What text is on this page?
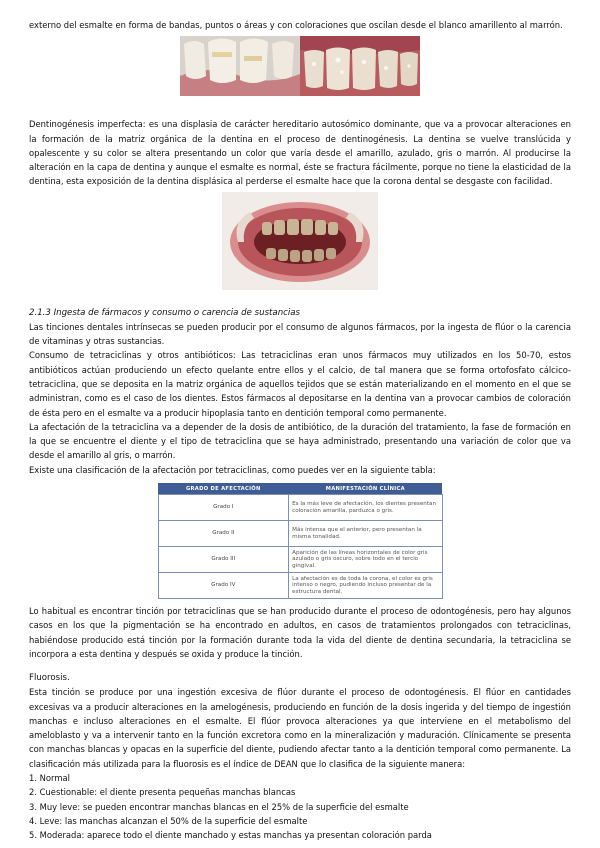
externo del esmalte en forma de bandas, puntos o áreas y con coloraciones que oscilan desde el blanco amarillento al marrón.

Dentinogénesis imperfecta: es una displasia de carácter hereditario autosómico dominante, que va a provocar alteraciones en la formación de la matriz orgánica de la dentina en el proceso de dentinogénesis. La dentina se vuelve translúcida y opalescente y su color se altera presentando un color que varía desde el amarillo, azulado, gris o marrón. Al producirse la alteración en la capa de dentina y aunque el esmalte es normal, éste se fractura fácilmente, porque no tiene la elasticidad de la dentina, esta exposición de la dentina displásica al perderse el esmalte hace que la corona dental se desgaste con facilidad.

2.1.3 Ingesta de fármacos y consumo o carencia de sustancias

Las tinciones dentales intrínsecas se pueden producir por el consumo de algunos fármacos, por la ingesta de flúor o la carencia de vitaminas y otras sustancias.

Consumo de tetraciclinas y otros antibióticos: Las tetraciclinas eran unos fármacos muy utilizados en los 50-70, estos antibióticos actúan produciendo un efecto quelante entre ellos y el calcio, de tal manera que se forma ortofosfato cálcico-tetraciclina, que se deposita en la matriz orgánica de aquellos tejidos que se están materializando en el momento en el que se administran, como es el caso de los dientes. Estos fármacos al depositarse en la dentina van a provocar cambios de coloración de ésta pero en el esmalte va a producir hipoplasia tanto en dentición temporal como permanente.

La afectación de la tetraciclina va a depender de la dosis de antibiótico, de la duración del tratamiento, la fase de formación en la que se encuentre el diente y el tipo de tetraciclina que se haya administrado, presentando una variación de color que va desde el amarillo al gris, o marrón.

Existe una clasificación de la afectación por tetraciclinas, como puedes ver en la siguiente tabla:

GRADO DE AFECTACIÓN	MANIFESTACIÓN CLÍNICA
Grado I	Es la más leve de afectación, los dientes presentan coloración amarilla, parduzca o gris.
Grado II	Más intensa que el anterior, pero presentan la misma tonalidad.
Grado III	Aparición de las líneas horizontales de color gris azulado o gris oscuro, sobre todo en el tercio gingival.
Grado IV	La afectación es de toda la corona, el color es gris intenso o negro, pudiendo incluso presentar de la estructura dental.

Lo habitual es encontrar tinción por tetraciclinas que se han producido durante el proceso de odontogénesis, pero hay algunos casos en los que la pigmentación se ha encontrado en adultos, en casos de tratamientos prolongados con tetraciclinas, habiéndose producido está tinción por la formación durante toda la vida del diente de dentina secundaria, la tetraciclina se incorpora a esta dentina y después se oxida y produce la tinción.

Fluorosis.

Esta tinción se produce por una ingestión excesiva de flúor durante el proceso de odontogénesis. El flúor en cantidades excesivas va a producir alteraciones en la amelogénesis, produciendo en función de la dosis ingerida y del tiempo de ingestión manchas e incluso alteraciones en el esmalte. El flúor provoca alteraciones ya que interviene en el metabolismo del ameloblasto y va a intervenir tanto en la función excretora como en la mineralización y maduración. Clínicamente se presenta con manchas blancas y opacas en la superficie del diente, pudiendo afectar tanto a la dentición temporal como permanente. La clasificación más utilizada para la fluorosis es el índice de DEAN que lo clasifica de la siguiente manera:

1. Normal

2. Cuestionable: el diente presenta pequeñas manchas blancas

3. Muy leve: se pueden encontrar manchas blancas en el 25% de la superficie del esmalte

4. Leve: las manchas alcanzan el 50% de la superficie del esmalte

5. Moderada: aparece todo el diente manchado y estas manchas ya presentan coloración parda
